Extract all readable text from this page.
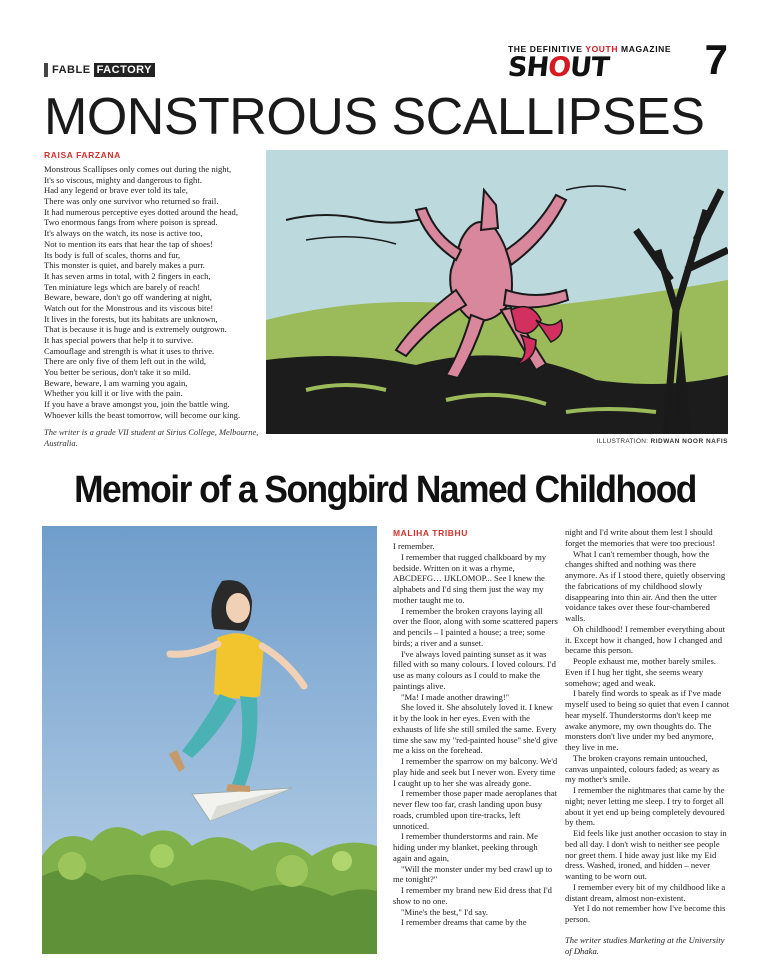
FABLE FACTORY
THE DEFINITIVE YOUTH MAGAZINE
SHOUT 7
MONSTROUS SCALLIPSES
RAISA FARZANA
Monstrous Scallipses only comes out during the night,
It's so viscous, mighty and dangerous to fight.
Had any legend or brave ever told its tale,
There was only one survivor who returned so frail.
It had numerous perceptive eyes dotted around the head,
Two enormous fangs from where poison is spread.
It's always on the watch, its nose is active too,
Not to mention its ears that hear the tap of shoes!
Its body is full of scales, thorns and fur,
This monster is quiet, and barely makes a purr.
It has seven arms in total, with 2 fingers in each,
Ten miniature legs which are barely of reach!
Beware, beware, don't go off wandering at night,
Watch out for the Monstrous and its viscous bite!
It lives in the forests, but its habitats are unknown,
That is because it is huge and is extremely outgrown.
It has special powers that help it to survive.
Camouflage and strength is what it uses to thrive.
There are only five of them left out in the wild,
You better be serious, don't take it so mild.
Beware, beware, I am warning you again,
Whether you kill it or live with the pain.
If you have a brave amongst you, join the battle wing.
Whoever kills the beast tomorrow, will become our king.
The writer is a grade VII student at Sirius College, Melbourne, Australia.	ILLUSTRATION: RIDWAN NOOR NAFIS
Memoir of a Songbird Named Childhood
MALIHA TRIBHU

I remember.

I remember that rugged chalkboard by my bedside. Written on it was a rhyme, ABCDEFG… IJKLOMOP... See I knew the alphabets and I'd sing them just the way my mother taught me to.

I remember the broken crayons laying all over the floor, along with some scattered papers and pencils – I painted a house; a tree; some birds; a river and a sunset.

I've always loved painting sunset as it was filled with so many colours. I loved colours. I'd use as many colours as I could to make the paintings alive.

"Ma! I made another drawing!"

She loved it. She absolutely loved it. I knew it by the look in her eyes. Even with the exhausts of life she still smiled the same. Every time she saw my "red-painted house" she'd give me a kiss on the forehead.

I remember the sparrow on my balcony. We'd play hide and seek but I never won. Every time I caught up to her she was already gone.

I remember those paper made aeroplanes that never flew too far, crash landing upon busy roads, crumbled upon tire-tracks, left unnoticed.

I remember thunderstorms and rain. Me hiding under my blanket, peeking through again and again,

"Will the monster under my bed crawl up to me tonight?"

I remember my brand new Eid dress that I'd show to no one.

"Mine's the best," I'd say.

I remember dreams that came by the

night and I'd write about them lest I should forget the memories that were too precious!

What I can't remember though, how the changes shifted and nothing was there anymore. As if I stood there, quietly observing the fabrications of my childhood slowly disappearing into thin air. And then the utter voidance takes over these four-chambered walls.

Oh childhood! I remember everything about it. Except how it changed, how I changed and became this person.

People exhaust me, mother barely smiles. Even if I hug her tight, she seems weary somehow; aged and weak.

I barely find words to speak as if I've made myself used to being so quiet that even I cannot hear myself. Thunderstorms don't keep me awake anymore, my own thoughts do. The monsters don't live under my bed anymore, they live in me.

The broken crayons remain untouched, canvas unpainted, colours faded; as weary as my mother's smile.

I remember the nightmares that came by the night; never letting me sleep. I try to forget all about it yet end up being completely devoured by them.

Eid feels like just another occasion to stay in bed all day. I don't wish to neither see people nor greet them. I hide away just like my Eid dress. Washed, ironed, and hidden – never wanting to be worn out.

I remember every bit of my childhood like a distant dream, almost non-existent.

Yet I do not remember how I've become this person.

The writer studies Marketing at the University of Dhaka.
